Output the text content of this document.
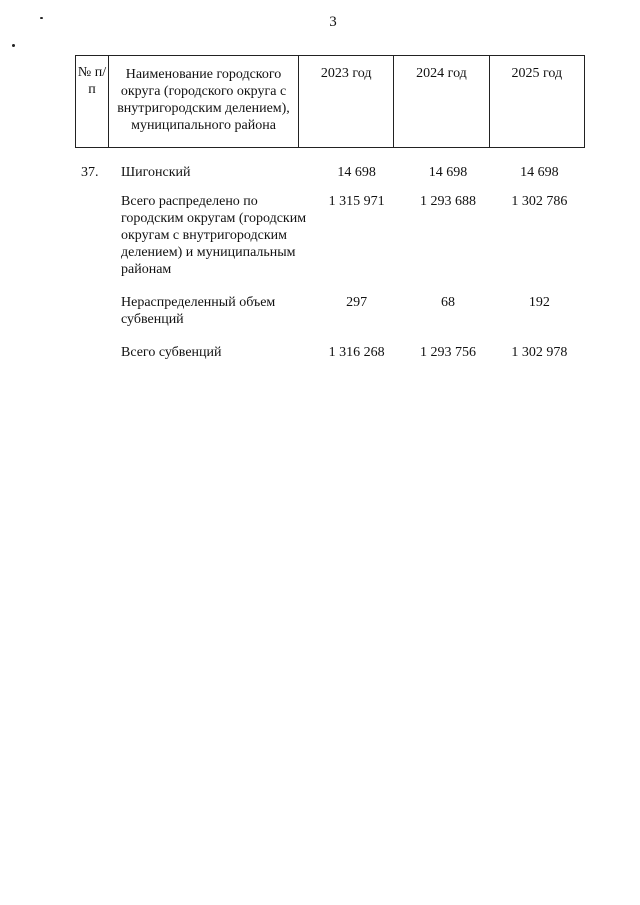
3
№ п/п	Наименование городского округа (городского округа с внутригородским делением), муниципального района	2023 год	2024 год	2025 год
37.	Шигонский	14 698	14 698	14 698
	Всего распределено по городским округам (городским округам с внутригородским делением) и муниципальным районам	1 315 971	1 293 688	1 302 786
	Нераспределенный объем субвенций	297	68	192
	Всего субвенций	1 316 268	1 293 756	1 302 978
